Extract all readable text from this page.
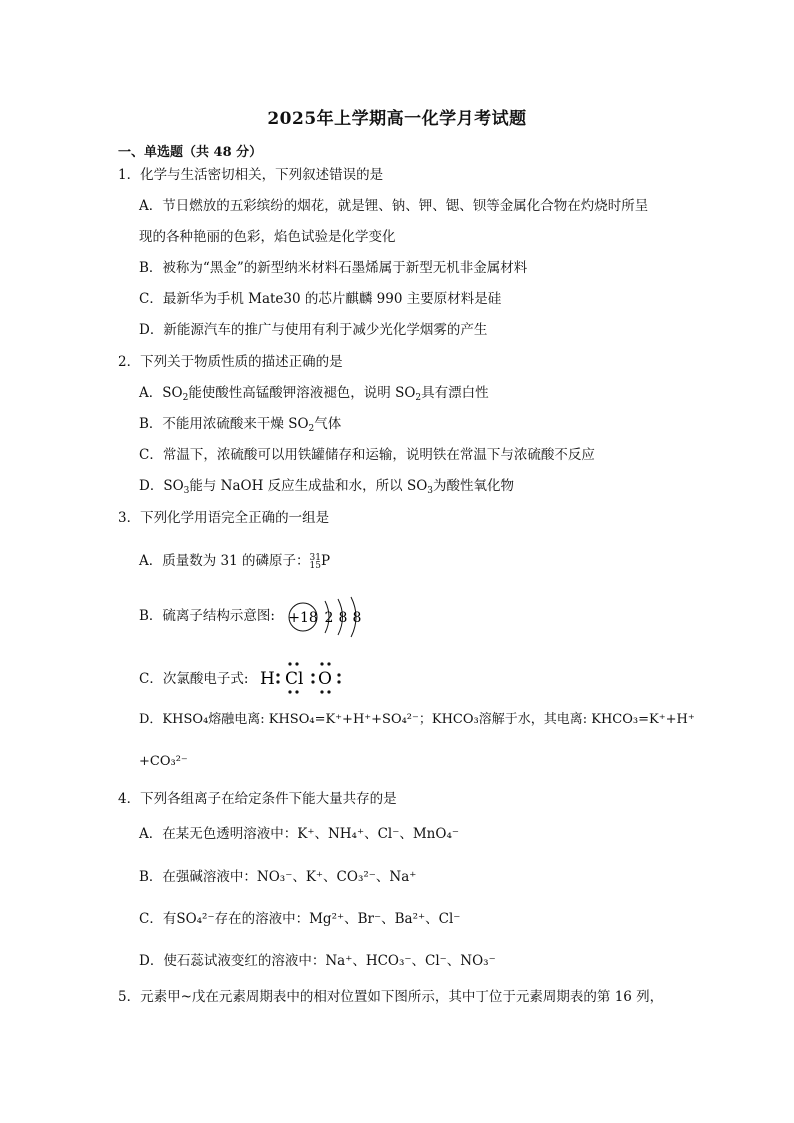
2025年上学期高一化学月考试题
一、单选题（共 48 分）
1．化学与生活密切相关，下列叙述错误的是
A．节日燃放的五彩缤纷的烟花，就是锂、钠、钾、锶、钡等金属化合物在灼烧时所呈
现的各种艳丽的色彩，焰色试验是化学变化
B．被称为“黑金”的新型纳米材料石墨烯属于新型无机非金属材料
C．最新华为手机 Mate30 的芯片麒麟 990 主要原材料是硅
D．新能源汽车的推广与使用有利于减少光化学烟雾的产生
2．下列关于物质性质的描述正确的是
A．$SO_2$能使酸性高锰酸钾溶液褪色，说明 $SO_2$具有漂白性
B．不能用浓硫酸来干燥 $SO_2$气体
C．常温下，浓硫酸可以用铁罐储存和运输，说明铁在常温下与浓硫酸不反应
D．$SO_3$能与 NaOH 反应生成盐和水，所以 $SO_3$为酸性氧化物
3．下列化学用语完全正确的一组是
A．质量数为 31 的磷原子： 31
15 P
B．硫离子结构示意图: +18 2 8 8
C．次氯酸电子式: H Cl O
D．KHSO₄熔融电离: KHSO₄=K⁺+H⁺+SO₄²⁻；KHCO₃溶解于水，其电离: KHCO₃=K⁺+H⁺
+CO₃²⁻
4．下列各组离子在给定条件下能大量共存的是
A．在某无色透明溶液中：K⁺、NH₄⁺、Cl⁻、MnO₄⁻
B．在强碱溶液中：NO₃⁻、K⁺、CO₃²⁻、Na⁺
C．有SO₄²⁻存在的溶液中：Mg²⁺、Br⁻、Ba²⁺、Cl⁻
D．使石蕊试液变红的溶液中：Na⁺、HCO₃⁻、Cl⁻、NO₃⁻
5．元素甲~戊在元素周期表中的相对位置如下图所示，其中丁位于元素周期表的第 16 列，
